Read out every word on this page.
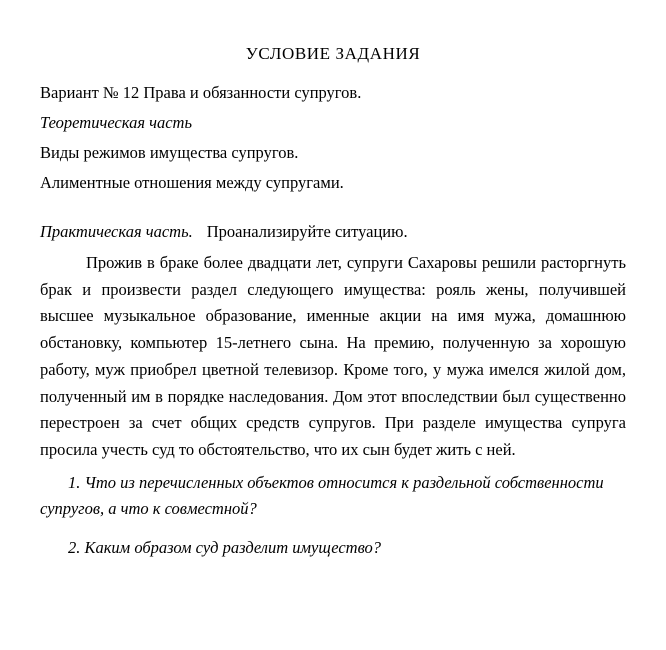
УСЛОВИЕ ЗАДАНИЯ

Вариант № 12 Права и обязанности супругов.

Теоретическая часть

Виды режимов имущества супругов.

Алиментные отношения между супругами.

Практическая часть. Проанализируйте ситуацию.

Прожив в браке более двадцати лет, супруги Сахаровы решили расторгнуть брак и произвести раздел следующего имущества: рояль жены, получившей высшее музыкальное образование, именные акции на имя мужа, домашнюю обстановку, компьютер 15-летнего сына. На премию, полученную за хорошую работу, муж приобрел цветной телевизор. Кроме того, у мужа имелся жилой дом, полученный им в порядке наследования. Дом этот впоследствии был существенно перестроен за счет общих средств супругов. При разделе имущества супруга просила учесть суд то обстоятельство, что их сын будет жить с ней.

1. Что из перечисленных объектов относится к раздельной собственности супругов, а что к совместной?

2. Каким образом суд разделит имущество?
